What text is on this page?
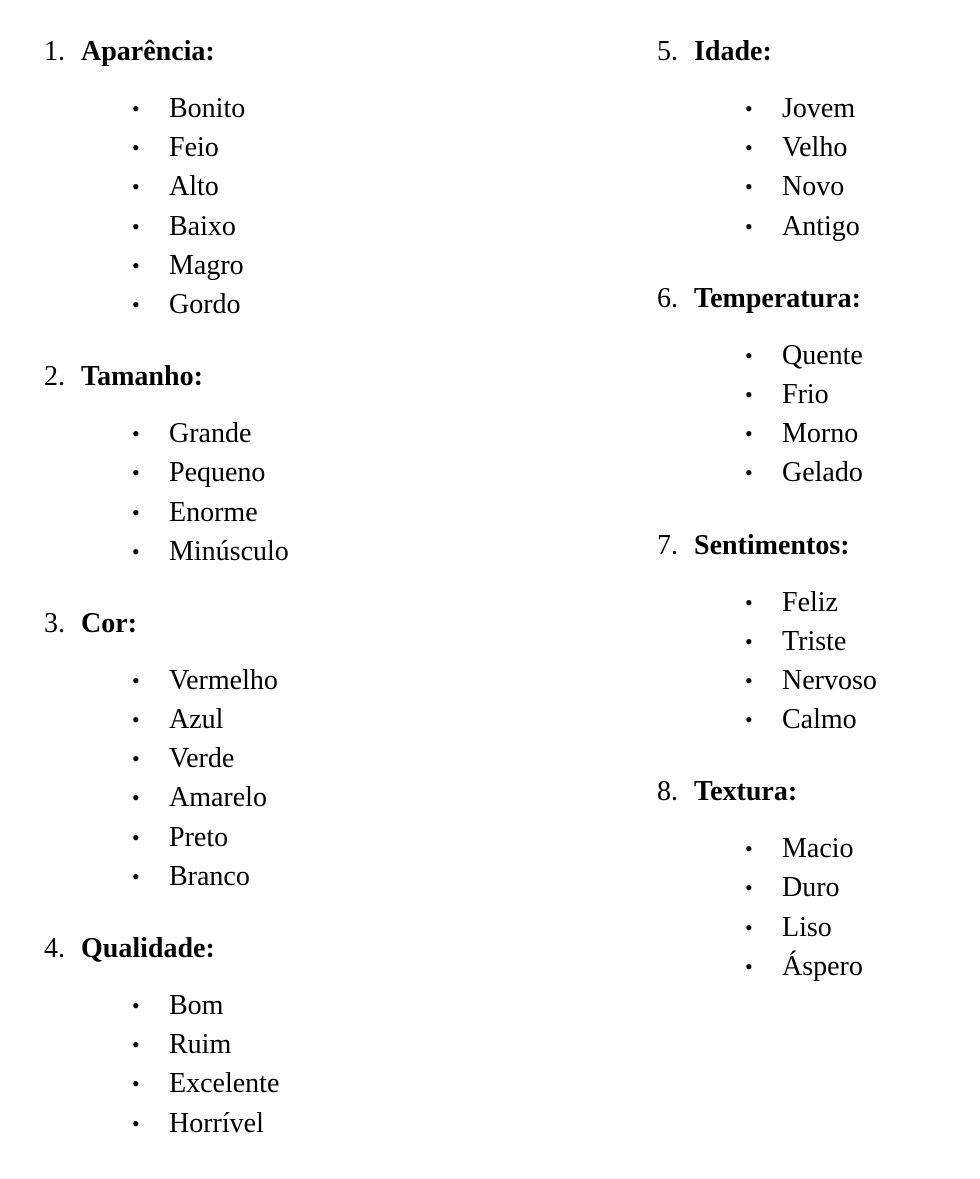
1. Aparência:
• Bonito
• Feio
• Alto
• Baixo
• Magro
• Gordo
2. Tamanho:
• Grande
• Pequeno
• Enorme
• Minúsculo
3. Cor:
• Vermelho
• Azul
• Verde
• Amarelo
• Preto
• Branco
4. Qualidade:
• Bom
• Ruim
• Excelente
• Horrível
5. Idade:
• Jovem
• Velho
• Novo
• Antigo
6. Temperatura:
• Quente
• Frio
• Morno
• Gelado
7. Sentimentos:
• Feliz
• Triste
• Nervoso
• Calmo
8. Textura:
• Macio
• Duro
• Liso
• Áspero
